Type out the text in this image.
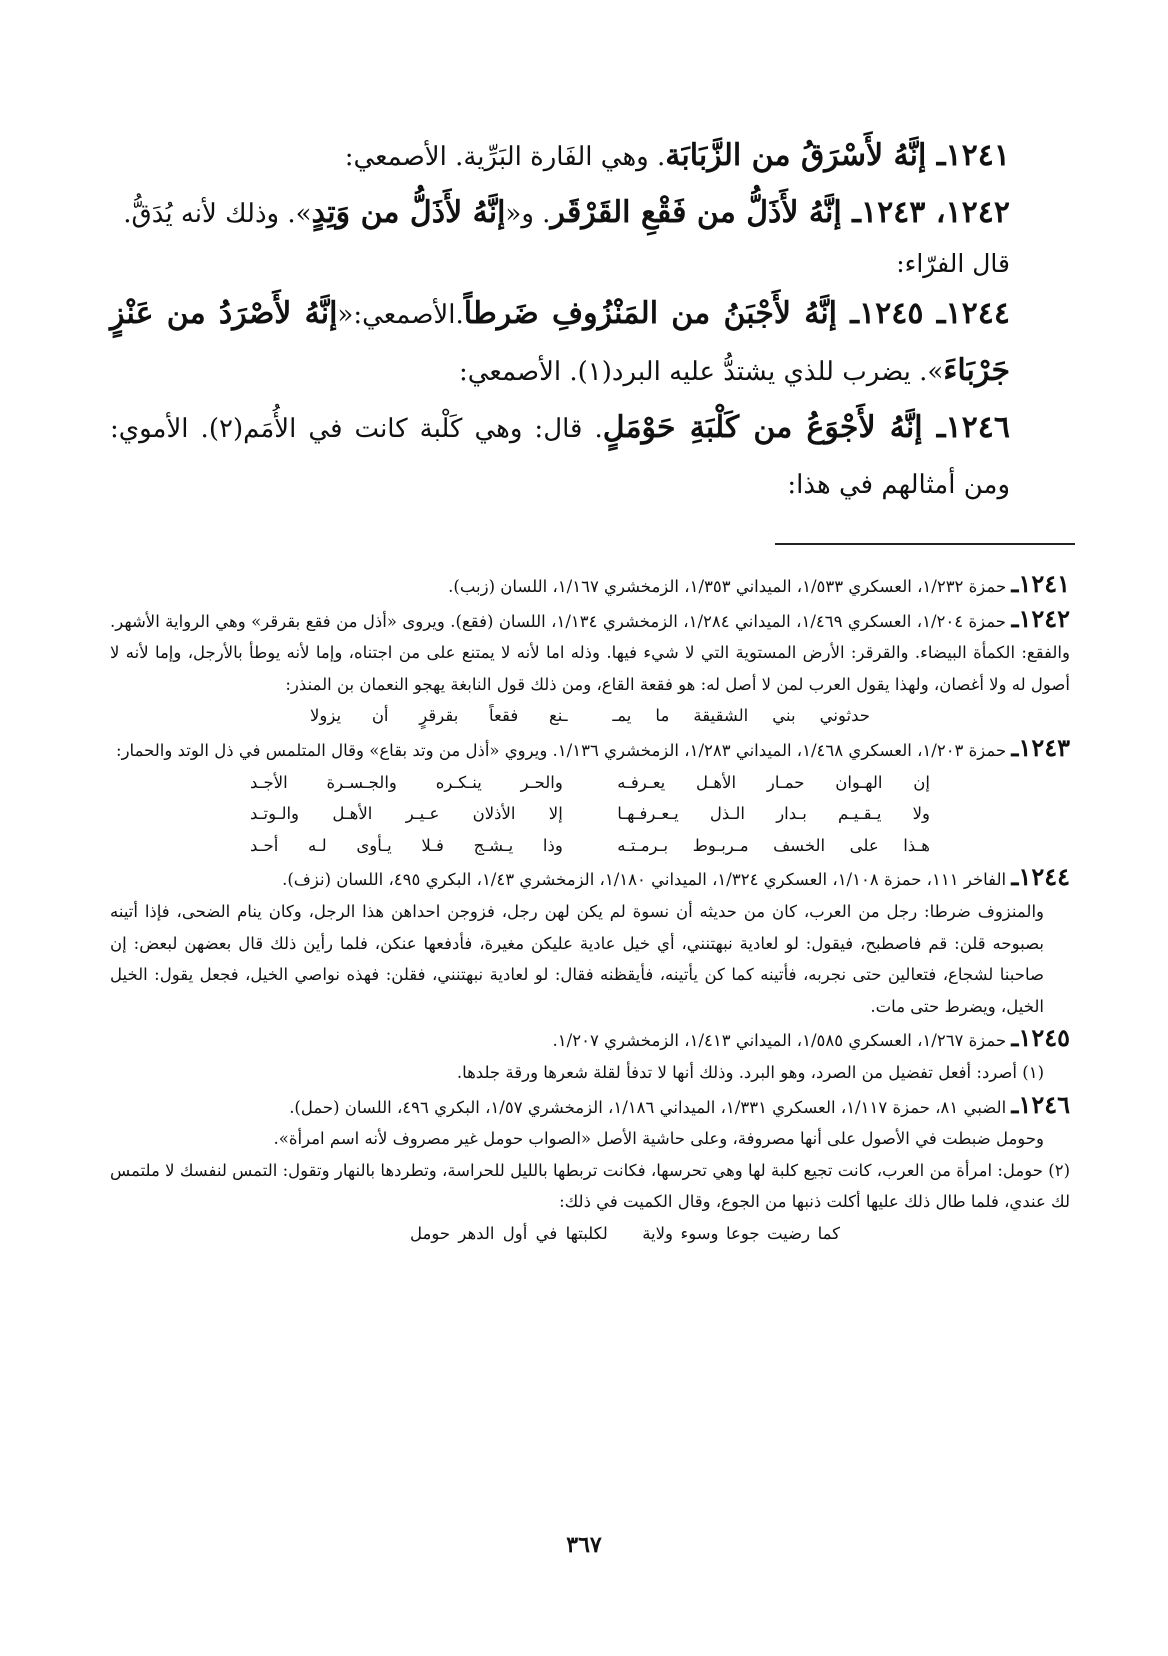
١٢٤١ـ إنَّهُ لأَسْرَقُ من الزَّبَابَة. وهي الفَارة البَرِّية. الأصمعي:

١٢٤٢، ١٢٤٣ـ إنَّهُ لأَذَلُّ من فَقْعِ القَرْقَر. و«إنَّهُ لأَذَلُّ من وَتِدٍ». وذلك لأنه يُدَقُّ.

قال الفرّاء:

١٢٤٤ـ ١٢٤٥ـ إنَّهُ لأَجْبَنُ من المَنْزُوفِ ضَرطاً.الأصمعي:«إنَّهُ لأَصْرَدُ من عَنْزٍ جَرْبَاءَ». يضرب للذي يشتدُّ عليه البرد(١). الأصمعي:

١٢٤٦ـ إنَّهُ لأَجْوَعُ من كَلْبَةِ حَوْمَلٍ. قال: وهي كَلْبة كانت في الأُمَم(٢). الأموي: ومن أمثالهم في هذا:

١٢٤١ـ حمزة ١/٢٣٢، العسكري ١/٥٣٣، الميداني ١/٣٥٣، الزمخشري ١/١٦٧، اللسان (زبب).

١٢٤٢ـ حمزة ١/٢٠٤، العسكري ١/٤٦٩، الميداني ١/٢٨٤، الزمخشري ١/١٣٤، اللسان (فقع). ويروى «أذل من فقع بقرقر» وهي الرواية الأشهر. والفقع: الكمأة البيضاء. والقرقر: الأرض المستوية التي لا شيء فيها. وذله اما لأنه لا يمتنع على من اجتناه، وإما لأنه يوطأ بالأرجل، وإما لأنه لا أصول له ولا أغصان، ولهذا يقول العرب لمن لا أصل له: هو فقعة القاع، ومن ذلك قول النابغة يهجو النعمان بن المنذر:

حدثوني بني الشقيقة ما يمـ
ـنع فقعاً بقرقرٍ أن يزولا

١٢٤٣ـ حمزة ١/٢٠٣، العسكري ١/٤٦٨، الميداني ١/٢٨٣، الزمخشري ١/١٣٦. ويروي «أذل من وتد بقاع» وقال المتلمس في ذل الوتد والحمار:

إن الهـوان حمـار الأهـل يعـرفـه
والحـر ينـكـره والجـسـرة الأجـد
ولا يـقـيـم بـدار الـذل يـعـرفـهـا
إلا الأذلان عـيـر الأهـل والـوتـد
هـذا على الخسف مـربـوط بـرمـتـه
وذا يـشـج فـلا يـأوى لـه أحـد

١٢٤٤ـ الفاخر ١١١، حمزة ١/١٠٨، العسكري ١/٣٢٤، الميداني ١/١٨٠، الزمخشري ١/٤٣، البكري ٤٩٥، اللسان (نزف).

والمنزوف ضرطا: رجل من العرب، كان من حديثه أن نسوة لم يكن لهن رجل، فزوجن احداهن هذا الرجل، وكان ينام الضحى، فإذا أتينه بصبوحه قلن: قم فاصطبح، فيقول: لو لعادية نبهتنني، أي خيل عادية عليكن مغيرة، فأدفعها عنكن، فلما رأين ذلك قال بعضهن لبعض: إن صاحبنا لشجاع، فتعالين حتى نجربه، فأتينه كما كن يأتينه، فأيقظنه فقال: لو لعادية نبهتنني، فقلن: فهذه نواصي الخيل، فجعل يقول: الخيل الخيل، ويضرط حتى مات.

١٢٤٥ـ حمزة ١/٢٦٧، العسكري ١/٥٨٥، الميداني ١/٤١٣، الزمخشري ١/٢٠٧.

(١) أصرد: أفعل تفضيل من الصرد، وهو البرد. وذلك أنها لا تدفأ لقلة شعرها ورقة جلدها.

١٢٤٦ـ الضبي ٨١، حمزة ١/١١٧، العسكري ١/٣٣١، الميداني ١/١٨٦، الزمخشري ١/٥٧، البكري ٤٩٦، اللسان (حمل).

وحومل ضبطت في الأصول على أنها مصروفة، وعلى حاشية الأصل «الصواب حومل غير مصروف لأنه اسم امرأة».

(٢) حومل: امرأة من العرب، كانت تجيع كلبة لها وهي تحرسها، فكانت تربطها بالليل للحراسة، وتطردها بالنهار وتقول: التمس لنفسك لا ملتمس لك عندي، فلما طال ذلك عليها أكلت ذنبها من الجوع، وقال الكميت في ذلك:

كما رضيت جوعا وسوء ولاية
لكلبتها في أول الدهر حومل
٣٦٧
